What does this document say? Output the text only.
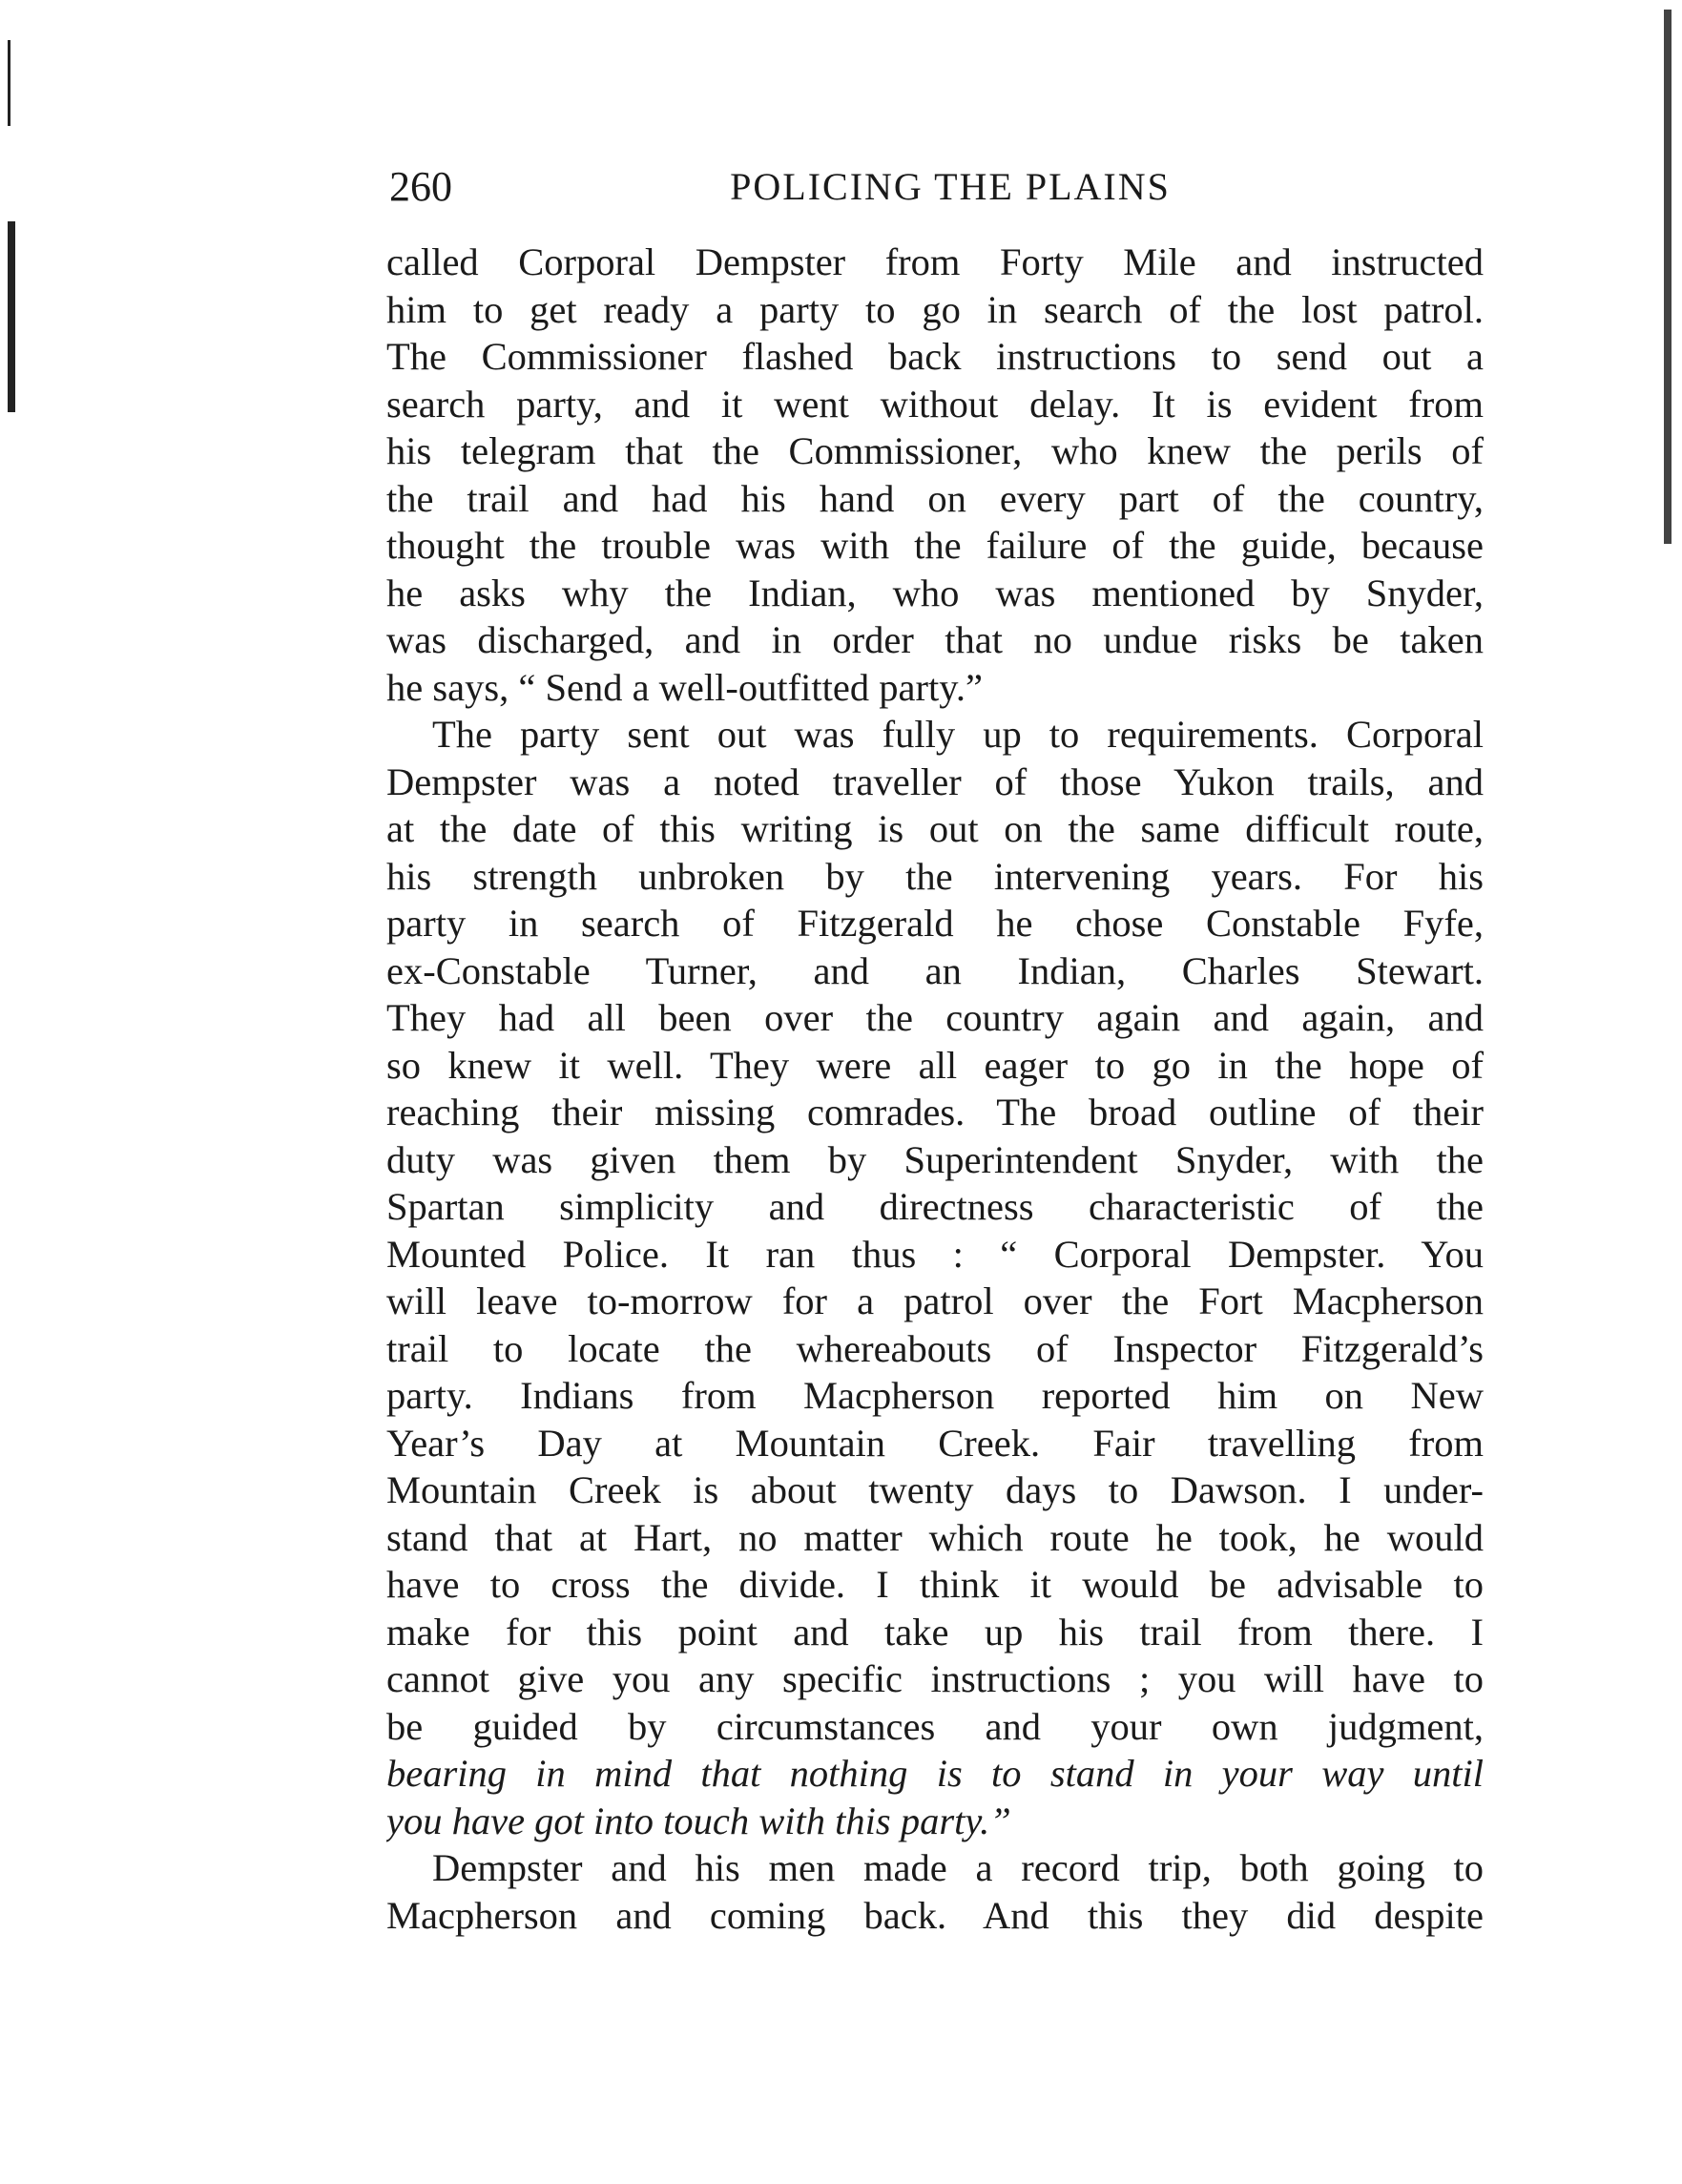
260	POLICING THE PLAINS
called Corporal Dempster from Forty Mile and instructed
him to get ready a party to go in search of the lost patrol.
The Commissioner flashed back instructions to send out a
search party, and it went without delay. It is evident from
his telegram that the Commissioner, who knew the perils of
the trail and had his hand on every part of the country,
thought the trouble was with the failure of the guide, because
he asks why the Indian, who was mentioned by Snyder,
was discharged, and in order that no undue risks be taken
he says, “ Send a well-outfitted party.”
The party sent out was fully up to requirements. Corporal
Dempster was a noted traveller of those Yukon trails, and
at the date of this writing is out on the same difficult route,
his strength unbroken by the intervening years. For his
party in search of Fitzgerald he chose Constable Fyfe,
ex-Constable Turner, and an Indian, Charles Stewart.
They had all been over the country again and again, and
so knew it well. They were all eager to go in the hope of
reaching their missing comrades. The broad outline of their
duty was given them by Superintendent Snyder, with the
Spartan simplicity and directness characteristic of the
Mounted Police. It ran thus : “ Corporal Dempster. You
will leave to-morrow for a patrol over the Fort Macpherson
trail to locate the whereabouts of Inspector Fitzgerald’s
party. Indians from Macpherson reported him on New
Year’s Day at Mountain Creek. Fair travelling from
Mountain Creek is about twenty days to Dawson. I under-
stand that at Hart, no matter which route he took, he would
have to cross the divide. I think it would be advisable to
make for this point and take up his trail from there. I
cannot give you any specific instructions ; you will have to
be guided by circumstances and your own judgment,
bearing in mind that nothing is to stand in your way until
you have got into touch with this party.”
Dempster and his men made a record trip, both going to
Macpherson and coming back. And this they did despite
